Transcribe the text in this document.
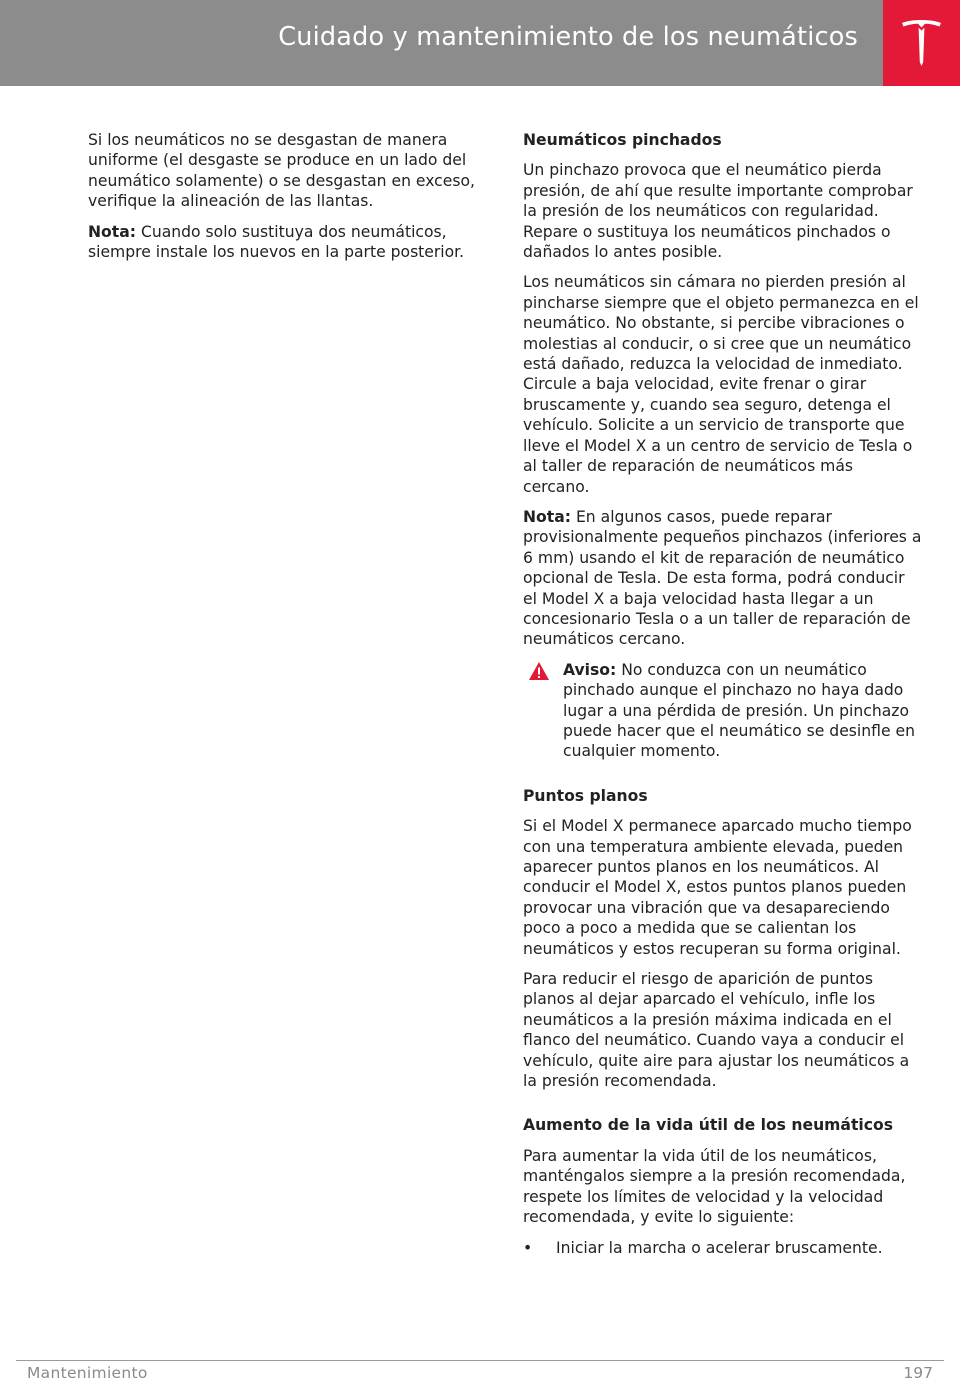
Cuidado y mantenimiento de los neumáticos

Si los neumáticos no se desgastan de manera uniforme (el desgaste se produce en un lado del neumático solamente) o se desgastan en exceso, verifique la alineación de las llantas.

Nota: Cuando solo sustituya dos neumáticos, siempre instale los nuevos en la parte posterior.

Neumáticos pinchados

Un pinchazo provoca que el neumático pierda presión, de ahí que resulte importante comprobar la presión de los neumáticos con regularidad. Repare o sustituya los neumáticos pinchados o dañados lo antes posible.

Los neumáticos sin cámara no pierden presión al pincharse siempre que el objeto permanezca en el neumático. No obstante, si percibe vibraciones o molestias al conducir, o si cree que un neumático está dañado, reduzca la velocidad de inmediato. Circule a baja velocidad, evite frenar o girar bruscamente y, cuando sea seguro, detenga el vehículo. Solicite a un servicio de transporte que lleve el Model X a un centro de servicio de Tesla o al taller de reparación de neumáticos más cercano.

Nota: En algunos casos, puede reparar provisionalmente pequeños pinchazos (inferiores a 6 mm) usando el kit de reparación de neumático opcional de Tesla. De esta forma, podrá conducir el Model X a baja velocidad hasta llegar a un concesionario Tesla o a un taller de reparación de neumáticos cercano.

Aviso: No conduzca con un neumático pinchado aunque el pinchazo no haya dado lugar a una pérdida de presión. Un pinchazo puede hacer que el neumático se desinfle en cualquier momento.
Puntos planos

Si el Model X permanece aparcado mucho tiempo con una temperatura ambiente elevada, pueden aparecer puntos planos en los neumáticos. Al conducir el Model X, estos puntos planos pueden provocar una vibración que va desapareciendo poco a poco a medida que se calientan los neumáticos y estos recuperan su forma original.

Para reducir el riesgo de aparición de puntos planos al dejar aparcado el vehículo, infle los neumáticos a la presión máxima indicada en el flanco del neumático. Cuando vaya a conducir el vehículo, quite aire para ajustar los neumáticos a la presión recomendada.

Aumento de la vida útil de los neumáticos

Para aumentar la vida útil de los neumáticos, manténgalos siempre a la presión recomendada, respete los límites de velocidad y la velocidad recomendada, y evite lo siguiente:

• Iniciar la marcha o acelerar bruscamente.
Mantenimiento	197
